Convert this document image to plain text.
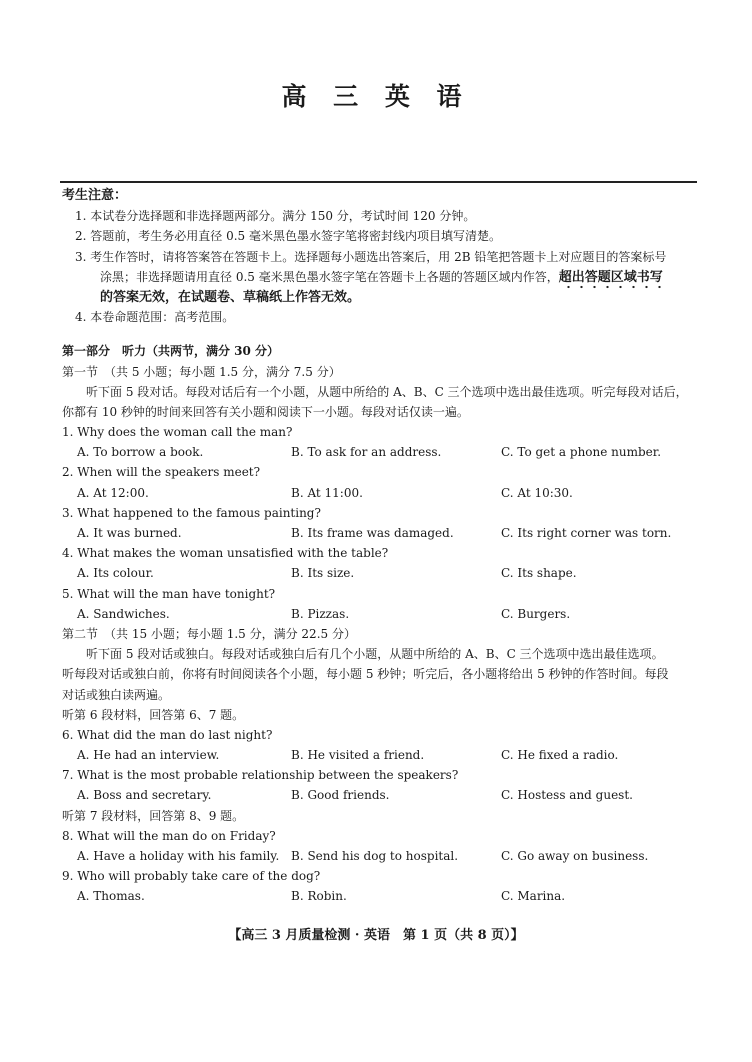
高 三 英 语
考生注意：
1. 本试卷分选择题和非选择题两部分。满分 150 分，考试时间 120 分钟。
2. 答题前，考生务必用直径 0.5 毫米黑色墨水签字笔将密封线内项目填写清楚。
3. 考生作答时，请将答案答在答题卡上。选择题每小题选出答案后，用 2B 铅笔把答题卡上对应题目的答案标号
涂黑；非选择题请用直径 0.5 毫米黑色墨水签字笔在答题卡上各题的答题区域内作答，超出答题区域书写
的答案无效，在试题卷、草稿纸上作答无效。
4. 本卷命题范围：高考范围。
第一部分　听力（共两节，满分 30 分）
第一节　（共 5 小题；每小题 1.5 分，满分 7.5 分）
听下面 5 段对话。每段对话后有一个小题，从题中所给的 A、B、C 三个选项中选出最佳选项。听完每段对话后，
你都有 10 秒钟的时间来回答有关小题和阅读下一小题。每段对话仅读一遍。
1. Why does the woman call the man?
A. To borrow a book.	B. To ask for an address.	C. To get a phone number.
2. When will the speakers meet?
A. At 12:00.	B. At 11:00.	C. At 10:30.
3. What happened to the famous painting?
A. It was burned.	B. Its frame was damaged.	C. Its right corner was torn.
4. What makes the woman unsatisfied with the table?
A. Its colour.	B. Its size.	C. Its shape.
5. What will the man have tonight?
A. Sandwiches.	B. Pizzas.	C. Burgers.
第二节　（共 15 小题；每小题 1.5 分，满分 22.5 分）
听下面 5 段对话或独白。每段对话或独白后有几个小题，从题中所给的 A、B、C 三个选项中选出最佳选项。
听每段对话或独白前，你将有时间阅读各个小题，每小题 5 秒钟；听完后，各小题将给出 5 秒钟的作答时间。每段
对话或独白读两遍。
听第 6 段材料，回答第 6、7 题。
6. What did the man do last night?
A. He had an interview.	B. He visited a friend.	C. He fixed a radio.
7. What is the most probable relationship between the speakers?
A. Boss and secretary.	B. Good friends.	C. Hostess and guest.
听第 7 段材料，回答第 8、9 题。
8. What will the man do on Friday?
A. Have a holiday with his family. B. Send his dog to hospital.	C. Go away on business.
9. Who will probably take care of the dog?
A. Thomas.	B. Robin.	C. Marina.
【高三 3 月质量检测 · 英语　第 1 页（共 8 页）】
